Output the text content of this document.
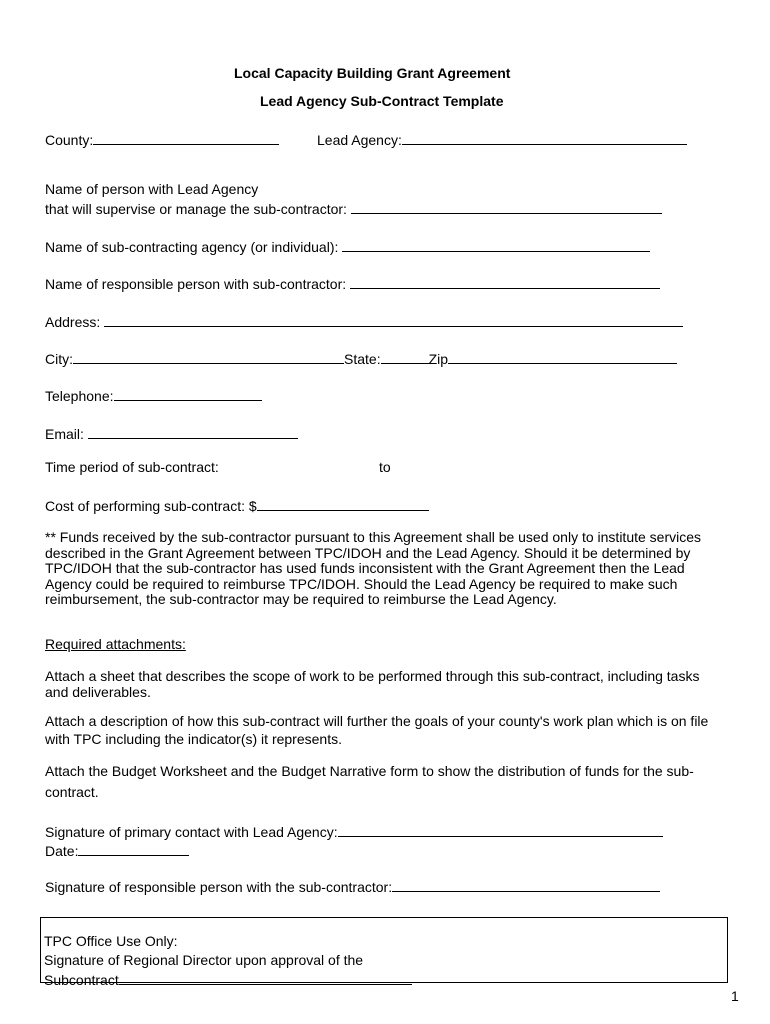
Local Capacity Building Grant Agreement
Lead Agency Sub-Contract Template
County:	Lead Agency:
Name of person with Lead Agency
that will supervise or manage the sub-contractor:
Name of sub-contracting agency (or individual):
Name of responsible person with sub-contractor:
Address:
City:	State:	Zip
Telephone:
Email:
Time period of sub-contract:	to
Cost of performing sub-contract: $
** Funds received by the sub-contractor pursuant to this Agreement shall be used only to institute services described in the Grant Agreement between TPC/IDOH and the Lead Agency. Should it be determined by TPC/IDOH that the sub-contractor has used funds inconsistent with the Grant Agreement then the Lead Agency could be required to reimburse TPC/IDOH. Should the Lead Agency be required to make such reimbursement, the sub-contractor may be required to reimburse the Lead Agency.
Required attachments:
Attach a sheet that describes the scope of work to be performed through this sub-contract, including tasks and deliverables.
Attach a description of how this sub-contract will further the goals of your county's work plan which is on file with TPC including the indicator(s) it represents.
Attach the Budget Worksheet and the Budget Narrative form to show the distribution of funds for the sub-contract.
Signature of primary contact with Lead Agency:
Date:
Signature of responsible person with the sub-contractor:
TPC Office Use Only:
Signature of Regional Director upon approval of the
Subcontract
1
